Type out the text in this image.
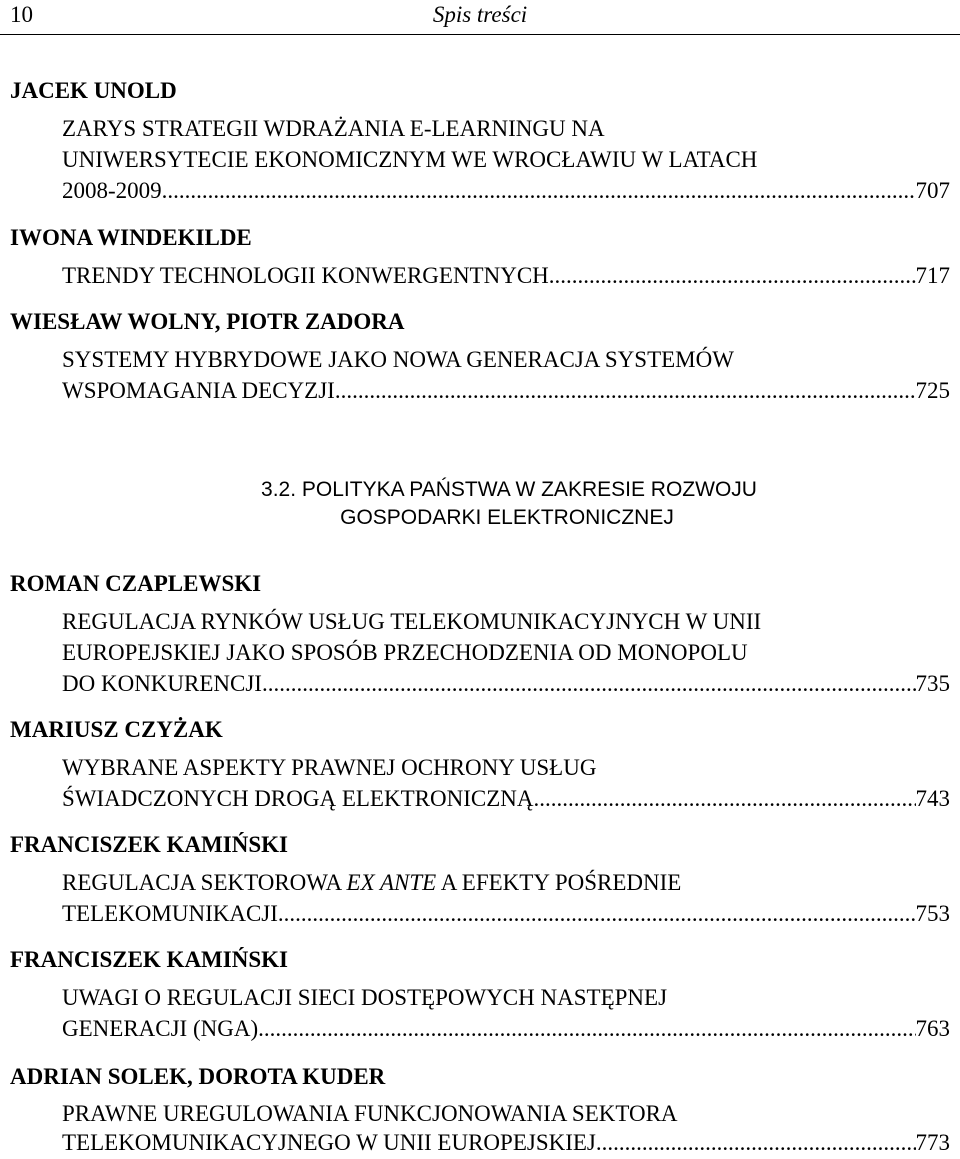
10	Spis treści
JACEK UNOLD
ZARYS STRATEGII WDRAŻANIA E-LEARNINGU NA
UNIWERSYTECIE EKONOMICZNYM WE WROCŁAWIU W LATACH
2008-2009 .....	707
IWONA WINDEKILDE
TRENDY TECHNOLOGII KONWERGENTNYCH .....	717
WIESŁAW WOLNY, PIOTR ZADORA
SYSTEMY HYBRYDOWE JAKO NOWA GENERACJA SYSTEMÓW
WSPOMAGANIA DECYZJI .....	725
3.2. POLITYKA PAŃSTWA W ZAKRESIE ROZWOJU
GOSPODARKI ELEKTRONICZNEJ
ROMAN CZAPLEWSKI
REGULACJA RYNKÓW USŁUG TELEKOMUNIKACYJNYCH W UNII
EUROPEJSKIEJ JAKO SPOSÓB PRZECHODZENIA OD MONOPOLU
DO KONKURENCJI .....	735
MARIUSZ CZYŻAK
WYBRANE ASPEKTY PRAWNEJ OCHRONY USŁUG
ŚWIADCZONYCH DROGĄ ELEKTRONICZNĄ .....	743
FRANCISZEK KAMIŃSKI
REGULACJA SEKTOROWA EX ANTE A EFEKTY POŚREDNIE
TELEKOMUNIKACJI .....	753
FRANCISZEK KAMIŃSKI
UWAGI O REGULACJI SIECI DOSTĘPOWYCH NASTĘPNEJ
GENERACJI (NGA) .....	763
ADRIAN SOLEK, DOROTA KUDER
PRAWNE UREGULOWANIA FUNKCJONOWANIA SEKTORA
TELEKOMUNIKACYJNEGO W UNII EUROPEJSKIEJ .....	773
